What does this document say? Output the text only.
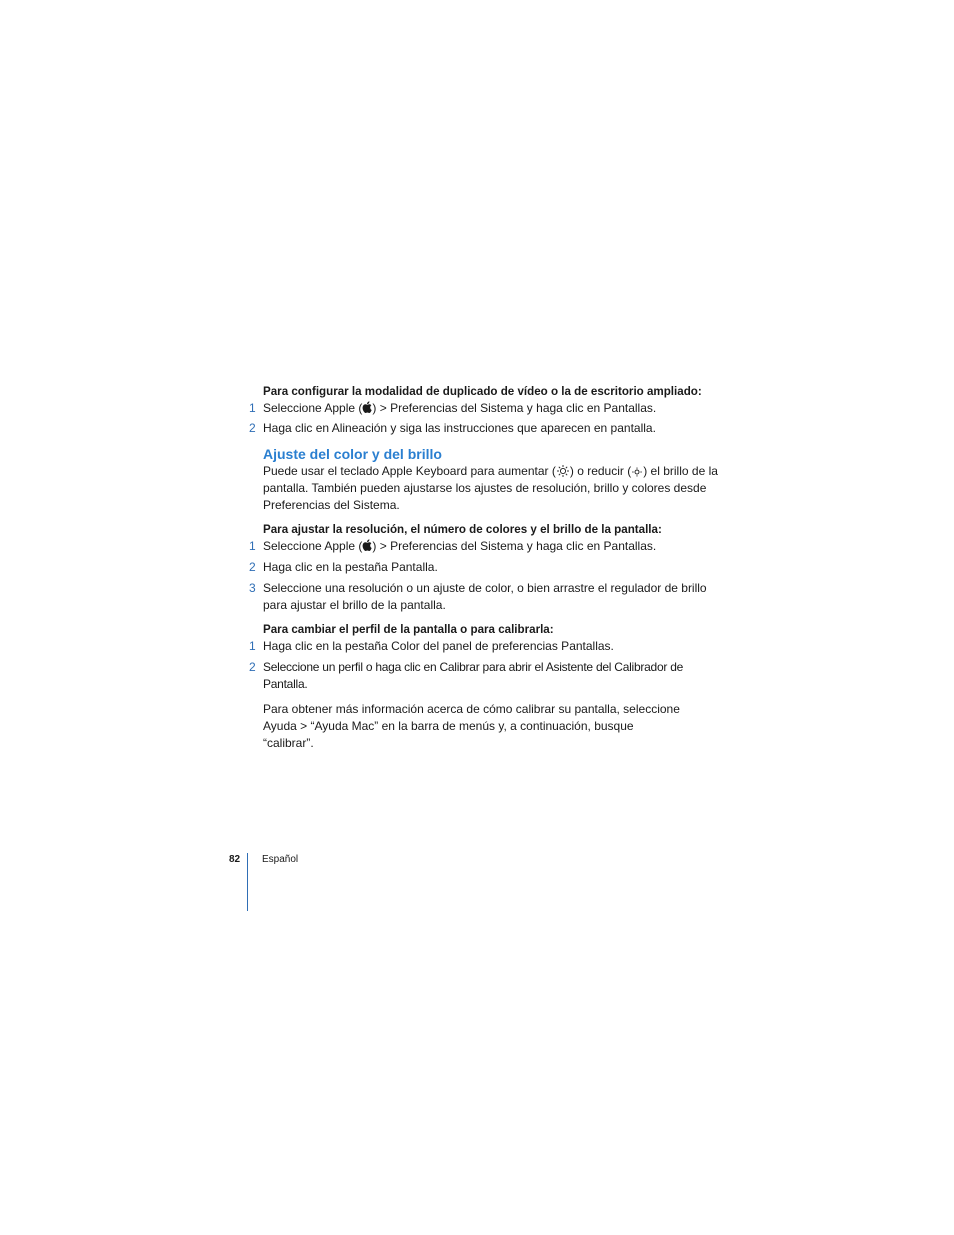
Para configurar la modalidad de duplicado de vídeo o la de escritorio ampliado:

1 Seleccione Apple ( ) > Preferencias del Sistema y haga clic en Pantallas.

2 Haga clic en Alineación y siga las instrucciones que aparecen en pantalla.

Ajuste del color y del brillo

Puede usar el teclado Apple Keyboard para aumentar ( ) o reducir ( ) el brillo de la pantalla. También pueden ajustarse los ajustes de resolución, brillo y colores desde Preferencias del Sistema.

Para ajustar la resolución, el número de colores y el brillo de la pantalla:

1 Seleccione Apple ( ) > Preferencias del Sistema y haga clic en Pantallas.

2 Haga clic en la pestaña Pantalla.

3 Seleccione una resolución o un ajuste de color, o bien arrastre el regulador de brillo para ajustar el brillo de la pantalla.

Para cambiar el perfil de la pantalla o para calibrarla:

1 Haga clic en la pestaña Color del panel de preferencias Pantallas.

2 Seleccione un perfil o haga clic en Calibrar para abrir el Asistente del Calibrador de Pantalla.

Para obtener más información acerca de cómo calibrar su pantalla, seleccione Ayuda > “Ayuda Mac” en la barra de menús y, a continuación, busque “calibrar”.

82 Español
